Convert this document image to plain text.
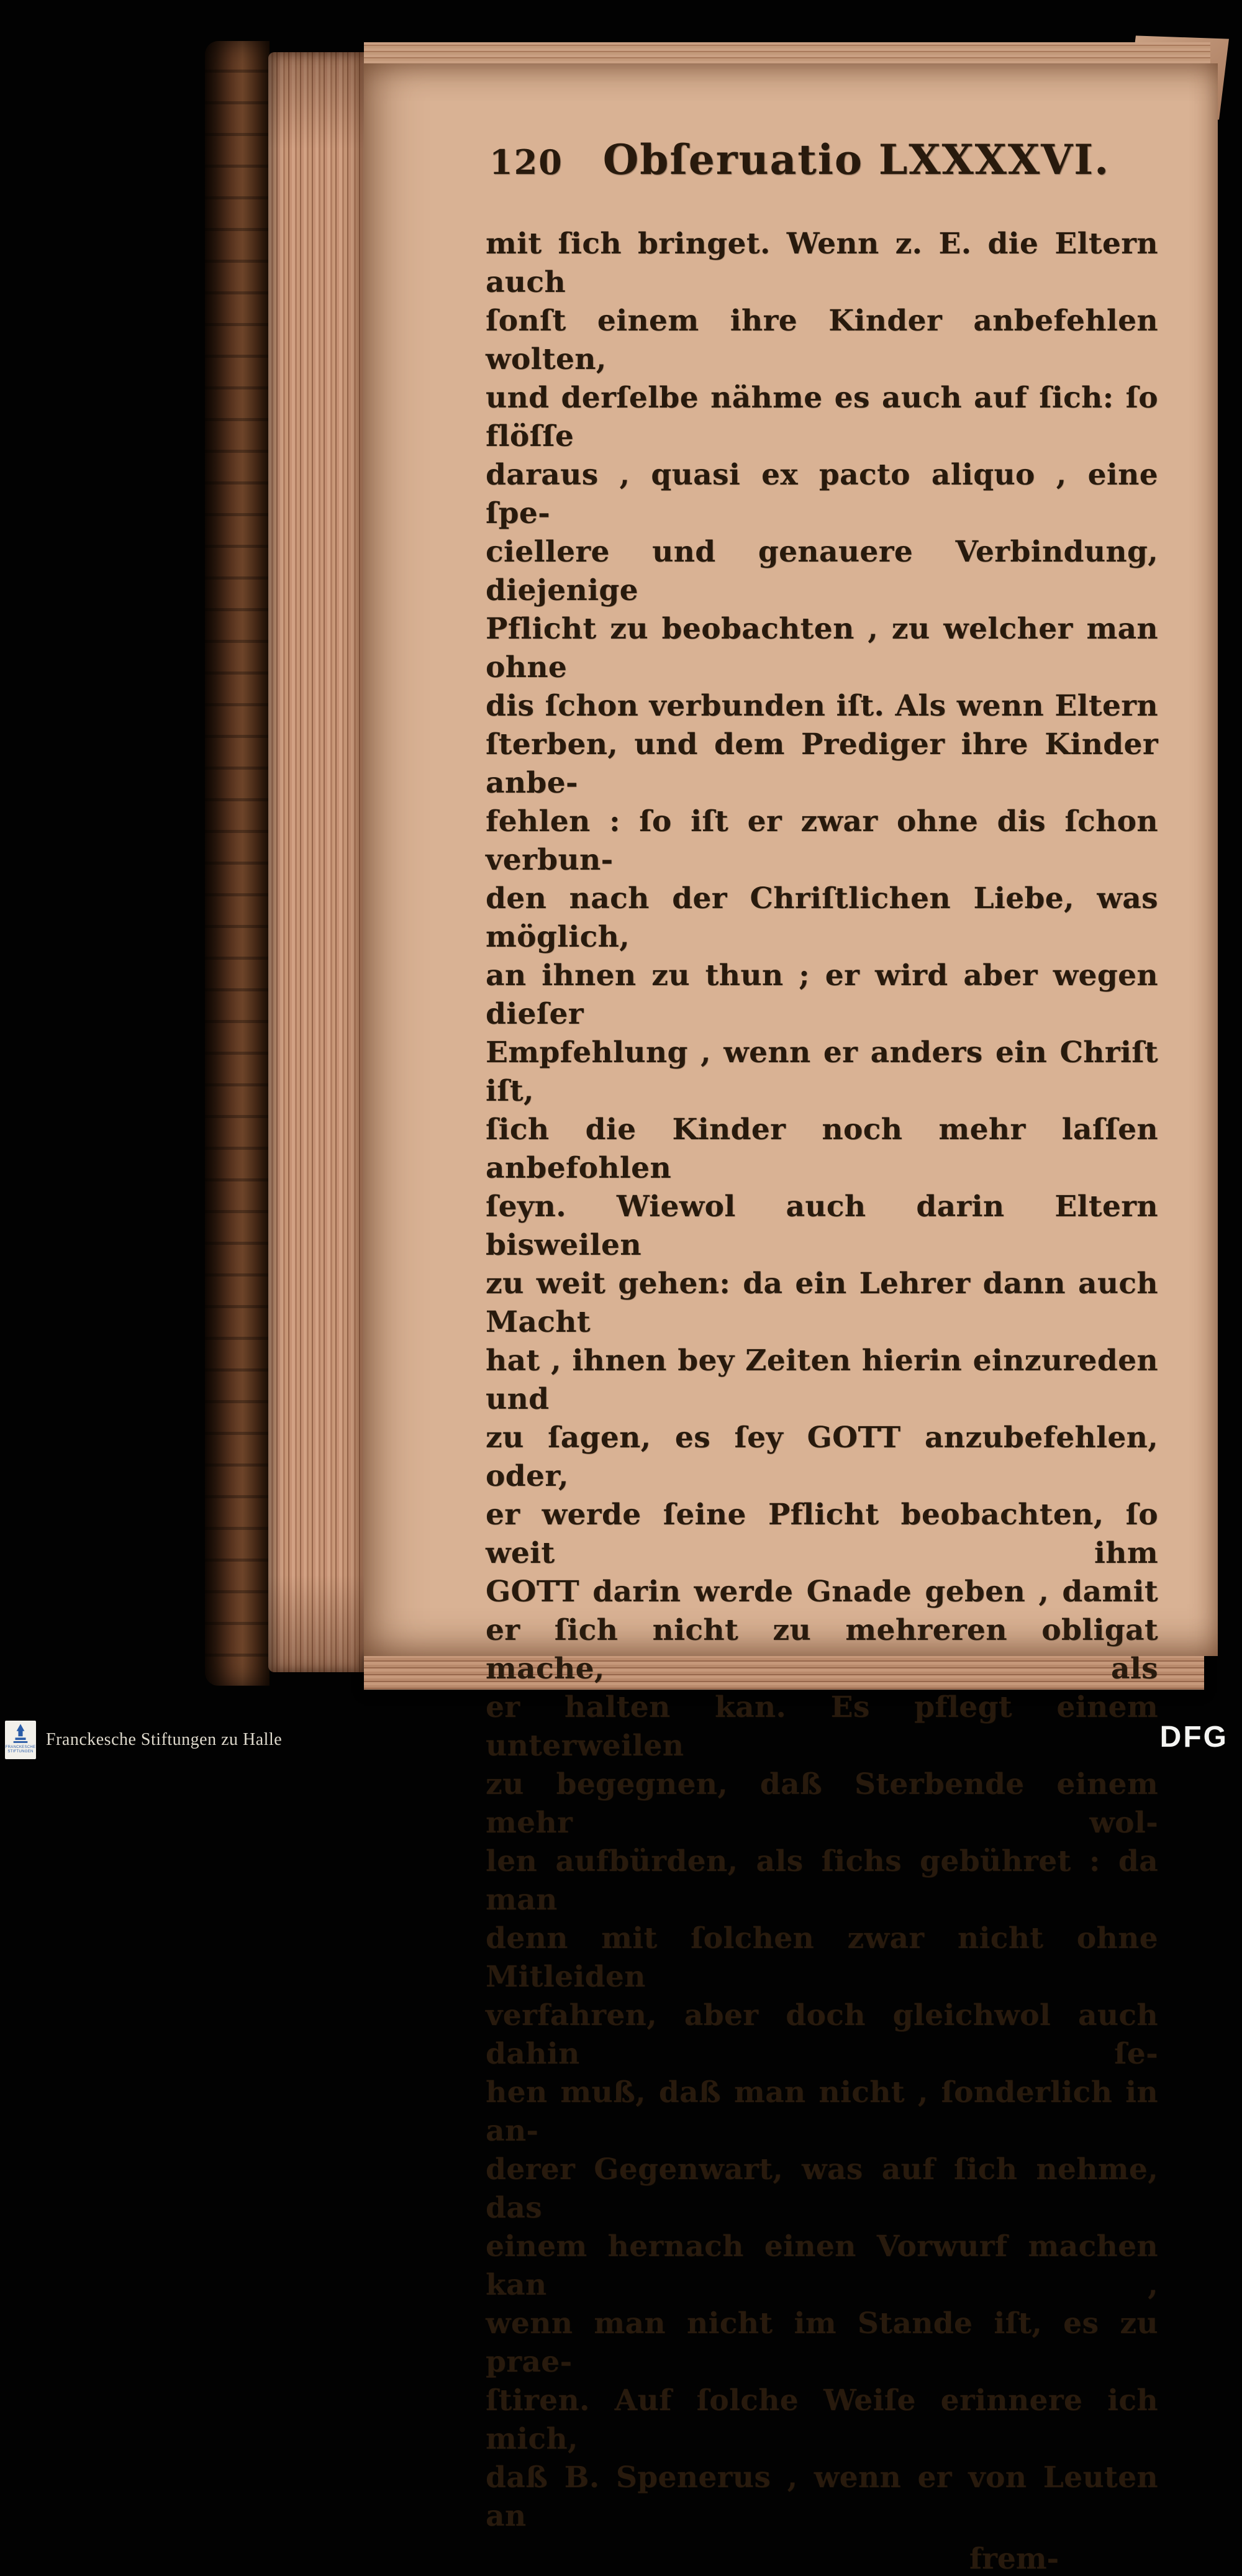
120 Obſeruatio LXXXXVI.
mit ſich bringet. Wenn z. E. die Eltern auch
ſonſt einem ihre Kinder anbefehlen wolten,
und derſelbe nähme es auch auf ſich: ſo flöſſe
daraus , quasi ex pacto aliquo , eine ſpe-
ciellere und genauere Verbindung, diejenige
Pflicht zu beobachten , zu welcher man ohne
dis ſchon verbunden iſt. Als wenn Eltern
ſterben, und dem Prediger ihre Kinder anbe-
fehlen : ſo iſt er zwar ohne dis ſchon verbun-
den nach der Chriſtlichen Liebe, was möglich,
an ihnen zu thun ; er wird aber wegen dieſer
Empfehlung , wenn er anders ein Chriſt iſt,
ſich die Kinder noch mehr laſſen anbefohlen
ſeyn. Wiewol auch darin Eltern bisweilen
zu weit gehen: da ein Lehrer dann auch Macht
hat , ihnen bey Zeiten hierin einzureden und
zu ſagen, es ſey GOTT anzubefehlen, oder,
er werde ſeine Pflicht beobachten, ſo weit ihm
GOTT darin werde Gnade geben , damit
er ſich nicht zu mehreren obligat mache, als
er halten kan. Es pflegt einem unterweilen
zu begegnen, daß Sterbende einem mehr wol-
len aufbürden, als ſichs gebühret : da man
denn mit ſolchen zwar nicht ohne Mitleiden
verfahren, aber doch gleichwol auch dahin ſe-
hen muß, daß man nicht , ſonderlich in an-
derer Gegenwart, was auf ſich nehme, das
einem hernach einen Vorwurf machen kan ,
wenn man nicht im Stande iſt, es zu prae-
ſtiren. Auf ſolche Weiſe erinnere ich mich,
daß B. Spenerus , wenn er von Leuten an
frem-
FRANCKESCHE STIFTUNGEN
Franckesche Stiftungen zu Halle	DFG
